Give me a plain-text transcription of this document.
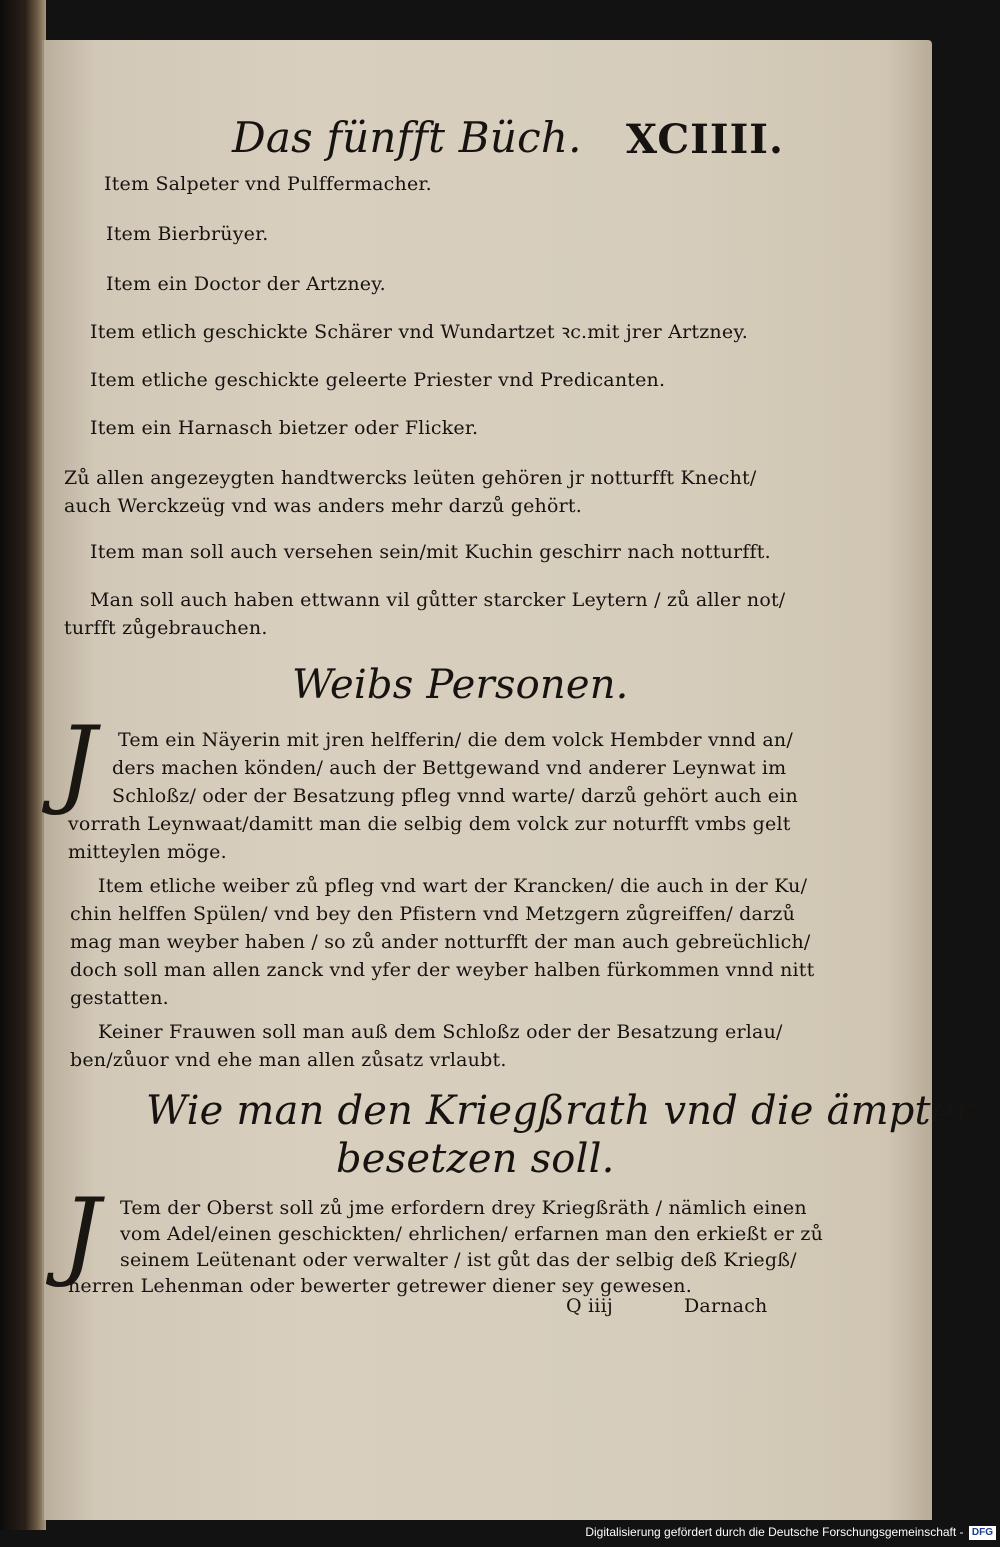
Das fünfft Büch. XCIIII.
Item Salpeter vnd Pulffermacher.
Item Bierbrüyer.
Item ein Doctor der Artzney.
Item etlich geschickte Schärer vnd Wundartzet ꝛc.mit jrer Artzney.
Item etliche geschickte geleerte Priester vnd Predicanten.
Item ein Harnasch bietzer oder Flicker.
Zů allen angezeygten handtwercks leüten gehören jr notturfft Knecht/
auch Werckzeüg vnd was anders mehr darzů gehört.
Item man soll auch versehen sein/mit Kuchin geschirr nach notturfft.
Man soll auch haben ettwann vil gůtter starcker Leytern / zů aller not/
turfft zůgebrauchen.
Weibs Personen.
J Tem ein Näyerin mit jren helfferin/ die dem volck Hembder vnnd an/
ders machen könden/ auch der Bettgewand vnd anderer Leynwat im
Schloßz/ oder der Besatzung pfleg vnnd warte/ darzů gehört auch ein
vorrath Leynwaat/damitt man die selbig dem volck zur noturfft vmbs gelt
mitteylen möge.
Item etliche weiber zů pfleg vnd wart der Krancken/ die auch in der Ku/
chin helffen Spülen/ vnd bey den Pfistern vnd Metzgern zůgreiffen/ darzů
mag man weyber haben / so zů ander notturfft der man auch gebreüchlich/
doch soll man allen zanck vnd yfer der weyber halben fürkommen vnnd nitt
gestatten.
Keiner Frauwen soll man auß dem Schloßz oder der Besatzung erlau/
ben/zůuor vnd ehe man allen zůsatz vrlaubt.
Wie man den Kriegßrath vnd die ämpter
besetzen soll.
J Tem der Oberst soll zů jme erfordern drey Kriegßräth / nämlich einen
vom Adel/einen geschickten/ ehrlichen/ erfarnen man den erkießt er zů
seinem Leütenant oder verwalter / ist gůt das der selbig deß Kriegß/
herren Lehenman oder bewerter getrewer diener sey gewesen.
Q iiij	Darnach
Digitalisierung gefördert durch die Deutsche Forschungsgemeinschaft - DFG
